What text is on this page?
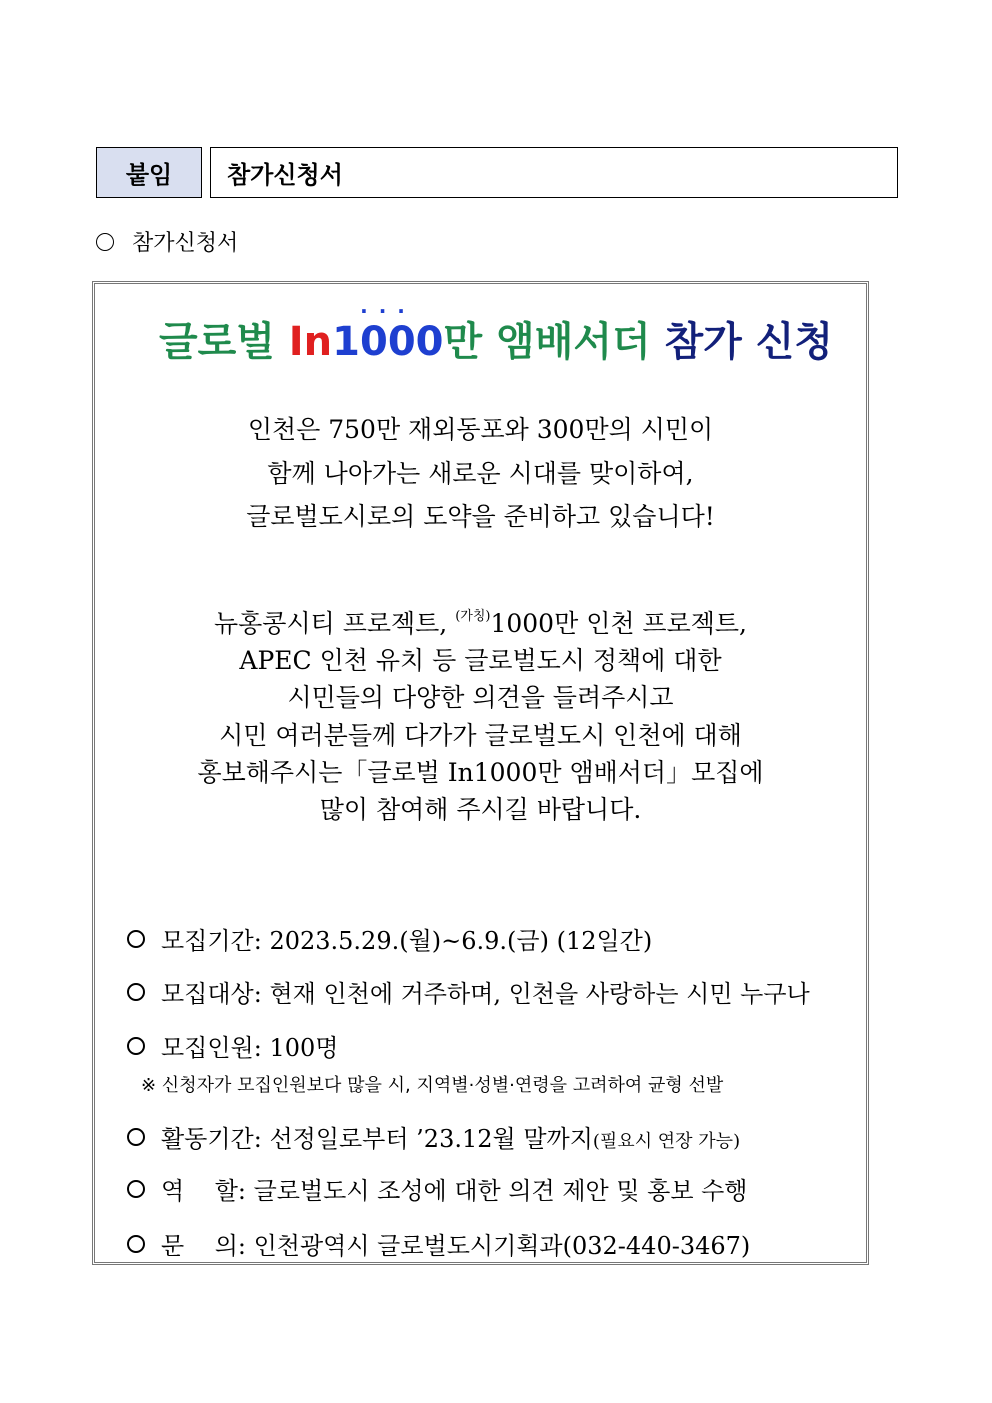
붙임	참가신청서
참가신청서
글로벌 In· · · 1000만 앰배서더 참가 신청
인천은 750만 재외동포와 300만의 시민이
함께 나아가는 새로운 시대를 맞이하여,
글로벌도시로의 도약을 준비하고 있습니다!
뉴홍콩시티 프로젝트, $^{(가칭)}$1000만 인천 프로젝트,
APEC 인천 유치 등 글로벌도시 정책에 대한
시민들의 다양한 의견을 들려주시고
시민 여러분들께 다가가 글로벌도시 인천에 대해
홍보해주시는「글로벌 In1000만 앰배서더」모집에
많이 참여해 주시길 바랍니다.
모집기간: 2023.5.29.(월)~6.9.(금) (12일간)
모집대상: 현재 인천에 거주하며, 인천을 사랑하는 시민 누구나
모집인원: 100명
※ 신청자가 모집인원보다 많을 시, 지역별·성별·연령을 고려하여 균형 선발
활동기간: 선정일로부터 ’23.12월 말까지(필요시 연장 가능)
역    할: 글로벌도시 조성에 대한 의견 제안 및 홍보 수행
문    의: 인천광역시 글로벌도시기획과(032-440-3467)
